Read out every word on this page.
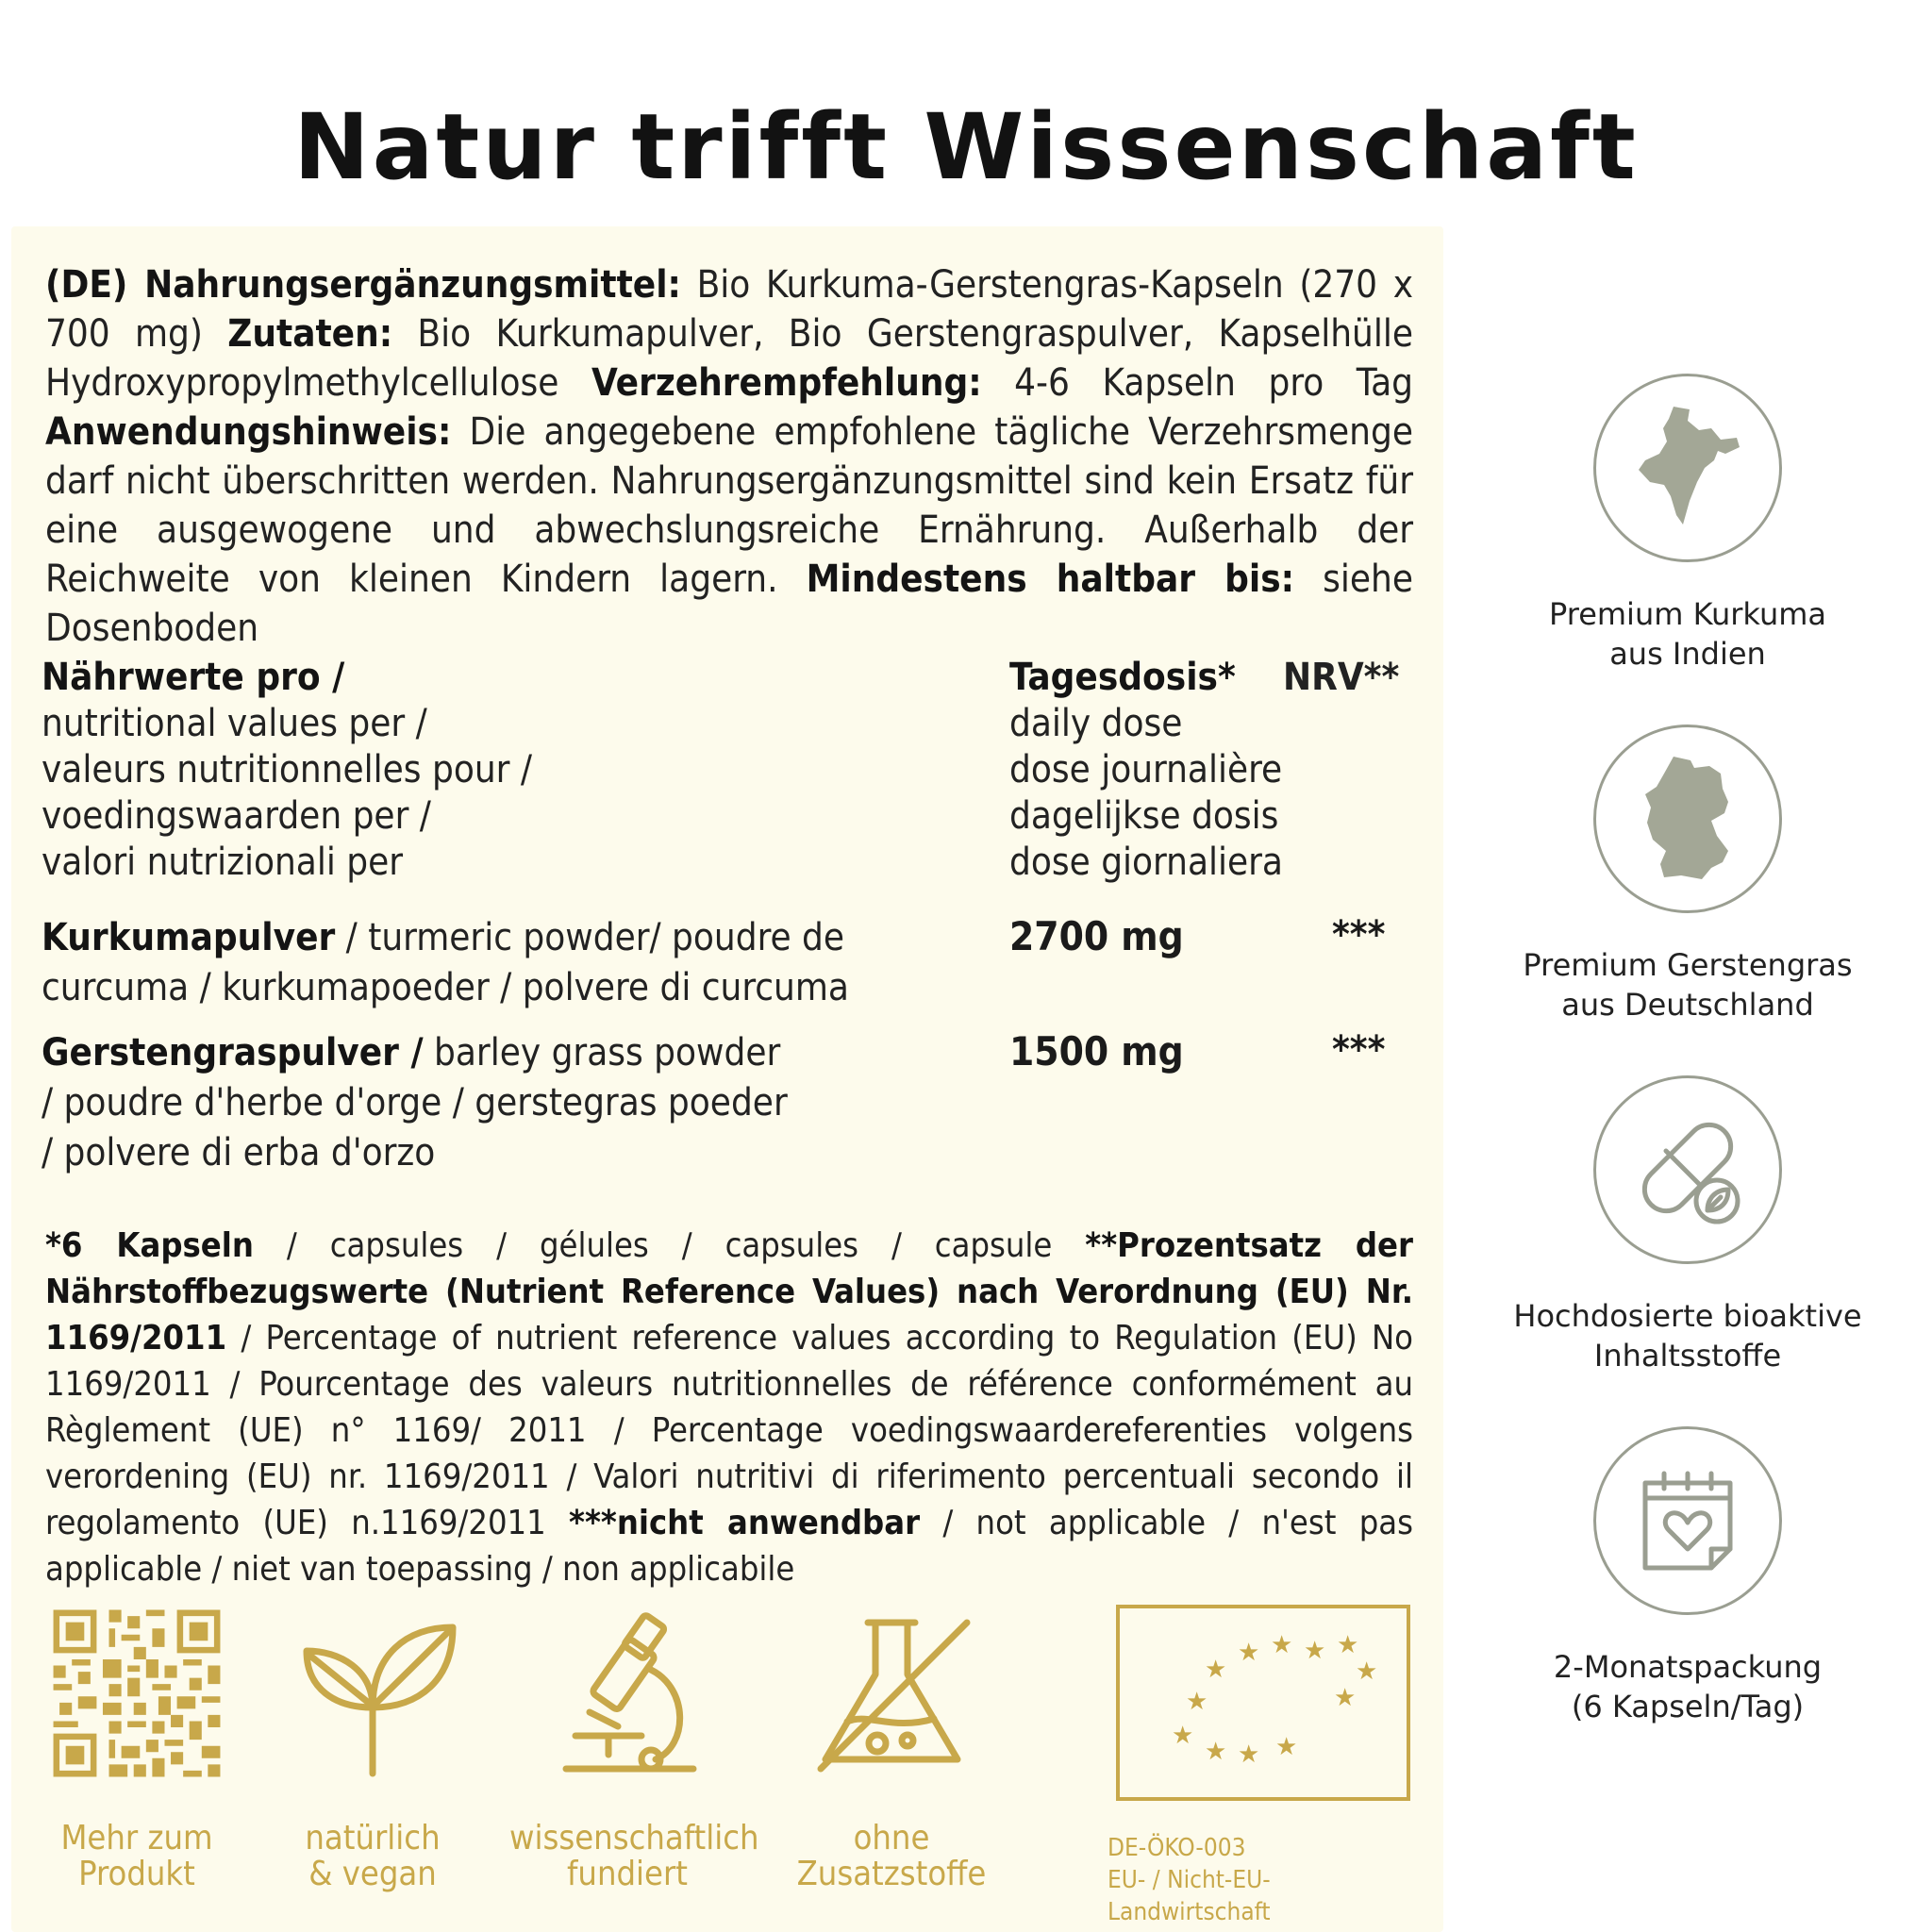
Natur trifft Wissenschaft
(DE) Nahrungsergänzungsmittel: Bio Kurkuma-Gerstengras-Kapseln (270 x 700 mg) Zutaten: Bio Kurkumapulver, Bio Gerstengraspulver, Kapselhülle Hydroxypropylmethylcellulose Verzehrempfehlung: 4-6 Kapseln pro Tag Anwendungshinweis: Die angegebene empfohlene tägliche Verzehrsmenge darf nicht überschritten werden. Nahrungsergänzungsmittel sind kein Ersatz für eine ausgewogene und abwechslungsreiche Ernährung. Außerhalb der Reichweite von kleinen Kindern lagern. Mindestens haltbar bis: siehe Dosenboden
Nährwerte pro /
nutritional values per /
valeurs nutritionnelles pour /
voedingswaarden per /
valori nutrizionali per
Tagesdosis*
daily dose
dose journalière
dagelijkse dosis
dose giornaliera
NRV**
Kurkumapulver / turmeric powder/ poudre de curcuma / kurkumapoeder / polvere di curcuma
2700 mg	***
Gerstengraspulver / barley grass powder / poudre d'herbe d'orge / gerstegras poeder / polvere di erba d'orzo
1500 mg	***
*6 Kapseln / capsules / gélules / capsules / capsule **Prozentsatz der Nährstoffbezugswerte (Nutrient Reference Values) nach Verordnung (EU) Nr. 1169/2011 / Percentage of nutrient reference values according to Regulation (EU) No 1169/2011 / Pourcentage des valeurs nutritionnelles de référence conformément au Règlement (UE) n° 1169/ 2011 / Percentage voedingswaardereferenties volgens verordening (EU) nr. 1169/2011 / Valori nutritivi di riferimento percentuali secondo il regolamento (UE) n.1169/2011 ***nicht anwendbar / not applicable / n'est pas applicable / niet van toepassing / non applicabile
Mehr zum
Produkt
natürlich
& vegan
wissenschaftlich
fundiert
ohne
Zusatzstoffe
★ ★ ★ ★
★
★
★
★
★
★ ★ ★
DE-ÖKO-003
EU- / Nicht-EU-Landwirtschaft
Premium Kurkuma
aus Indien
Premium Gerstengras
aus Deutschland
Hochdosierte bioaktive
Inhaltsstoffe
2-Monatspackung
(6 Kapseln/Tag)
